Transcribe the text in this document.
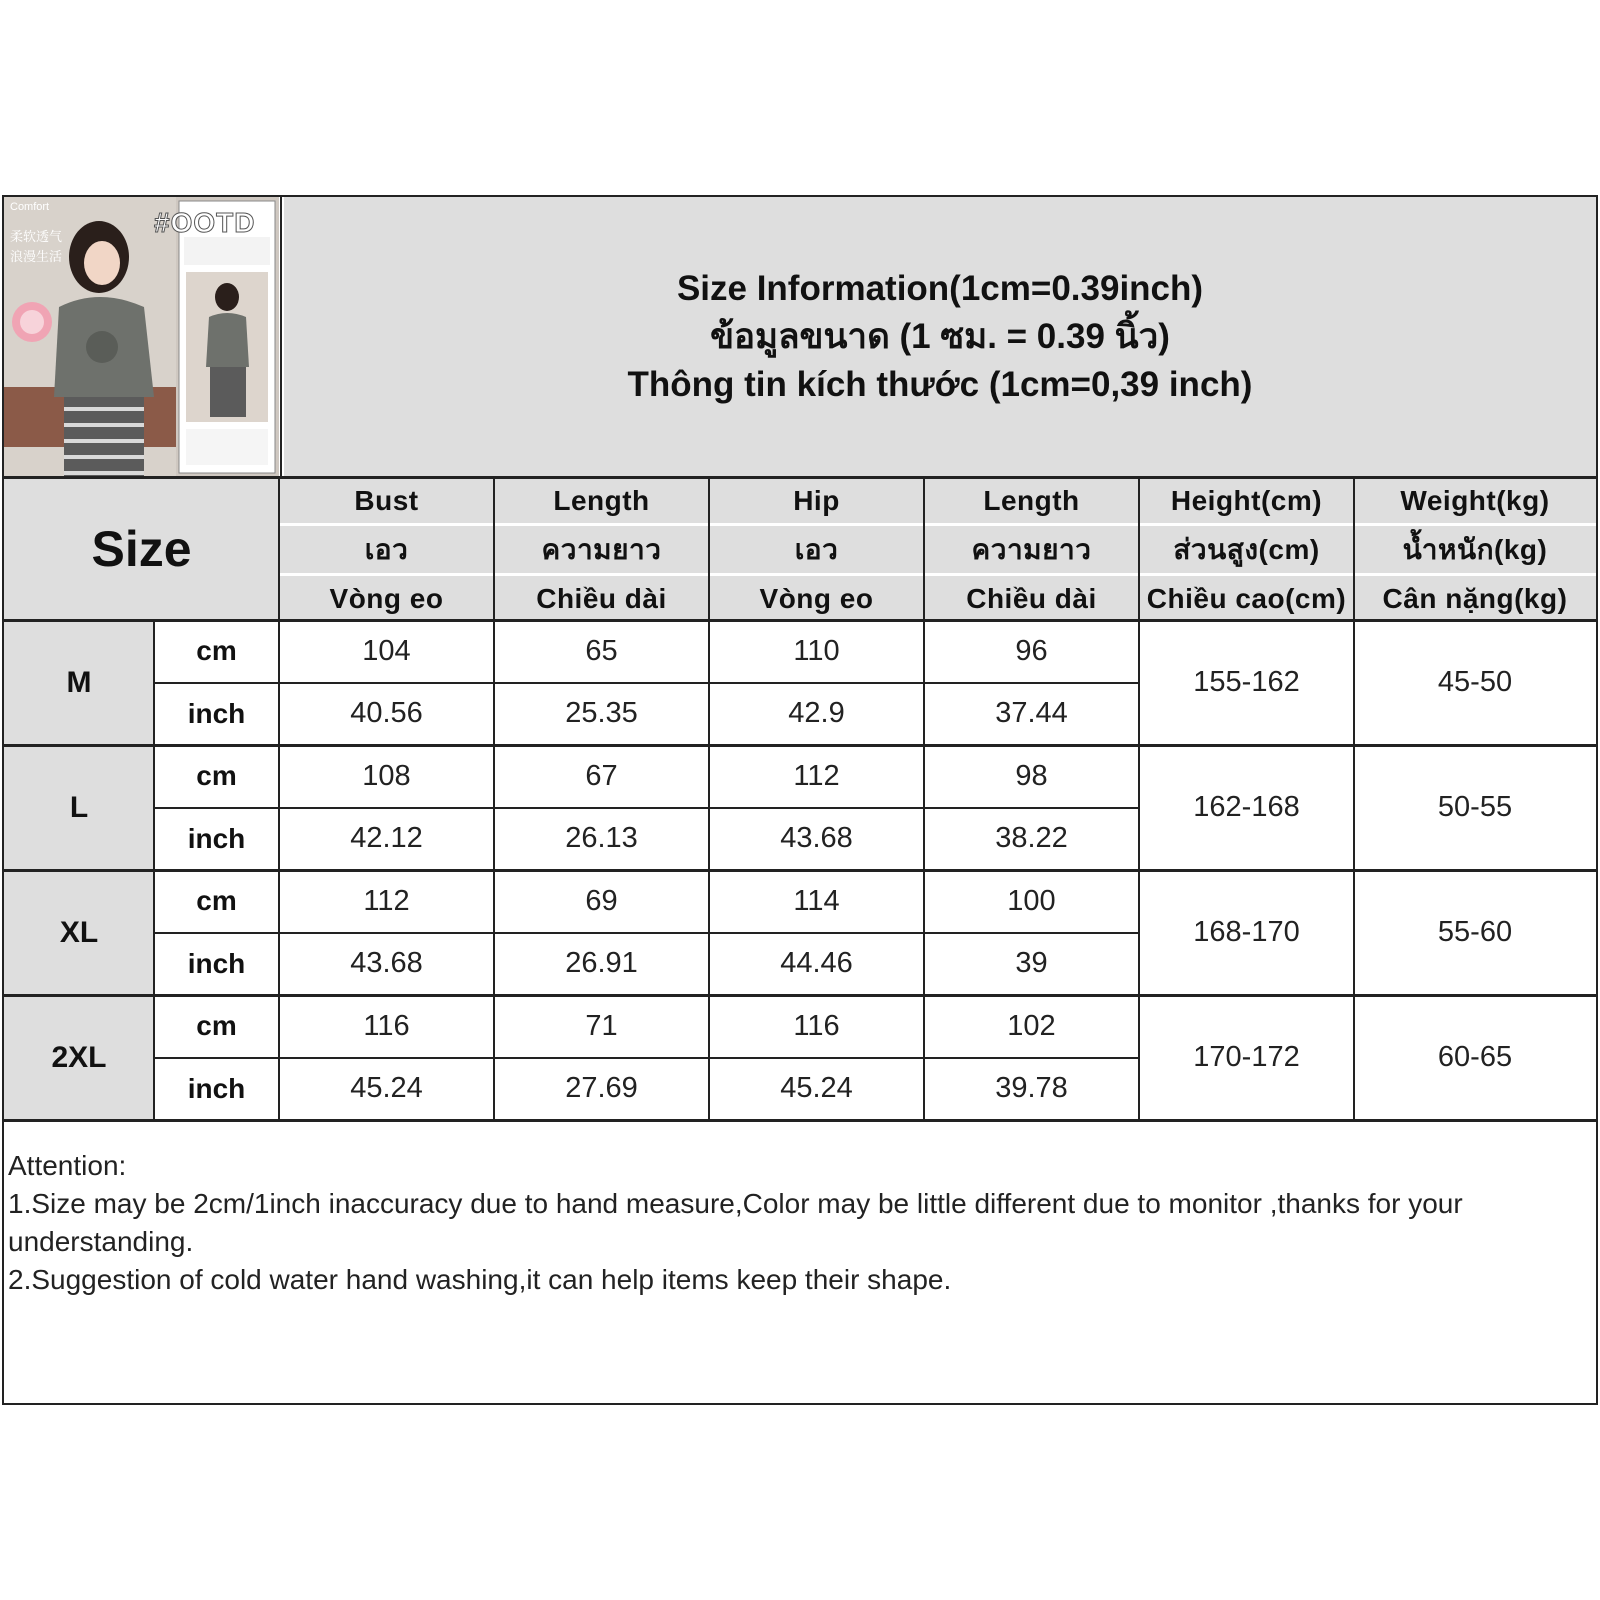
#OOTD
Comfort
柔软透气 浪漫生活
Size Information(1cm=0.39inch)
ข้อมูลขนาด (1 ซม. = 0.39 นิ้ว)
Thông tin kích thước (1cm=0,39 inch)
Size
Bust	Length	Hip	Length	Height(cm)	Weight(kg)
เอว	ความยาว	เอว	ความยาว	ส่วนสูง(cm)	น้ำหนัก(kg)
Vòng eo	Chiều dài	Vòng eo	Chiều dài	Chiều cao(cm)	Cân nặng(kg)
M
cm	104	65	110	96
inch	40.56	25.35	42.9	37.44
155-162	45-50
L
cm	108	67	112	98
inch	42.12	26.13	43.68	38.22
162-168	50-55
XL
cm	112	69	114	100
inch	43.68	26.91	44.46	39
168-170	55-60
2XL
cm	116	71	116	102
inch	45.24	27.69	45.24	39.78
170-172	60-65
Attention:
1.Size may be 2cm/1inch inaccuracy due to hand measure,Color may be little different due to monitor ,thanks for your understanding.
2.Suggestion of cold water hand washing,it can help items keep their shape.
